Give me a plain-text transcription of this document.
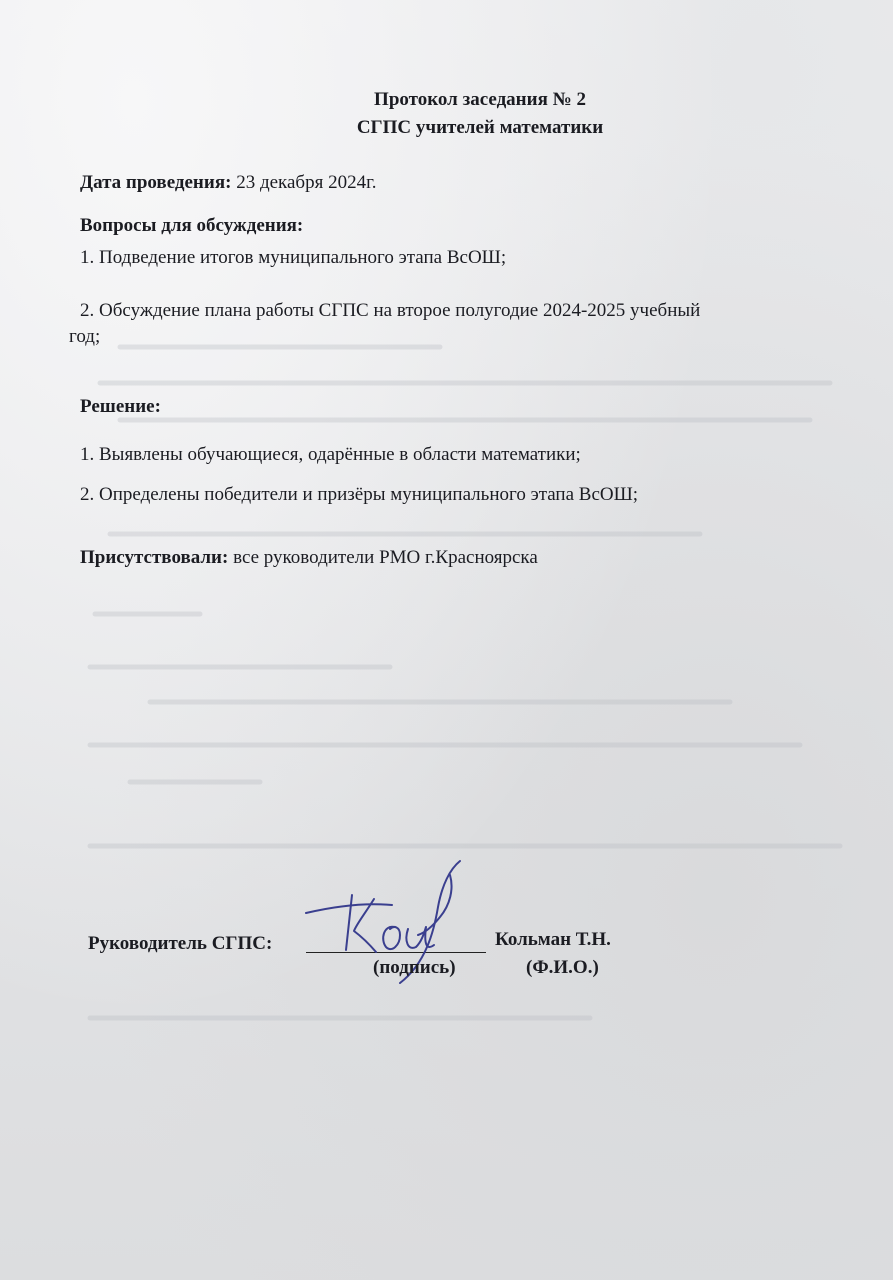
Протокол заседания № 2
СГПС учителей математики
Дата проведения: 23 декабря 2024г.
Вопросы для обсуждения:
1. Подведение итогов муниципального этапа ВсОШ;
2. Обсуждение плана работы СГПС на второе полугодие 2024-2025 учебный
год;
Решение:
1. Выявлены обучающиеся, одарённые в области математики;
2. Определены победители и призёры муниципального этапа ВсОШ;
Присутствовали: все руководители РМО г.Красноярска
Руководитель СГПС:
(подпись)
Кольман Т.Н.
(Ф.И.О.)
